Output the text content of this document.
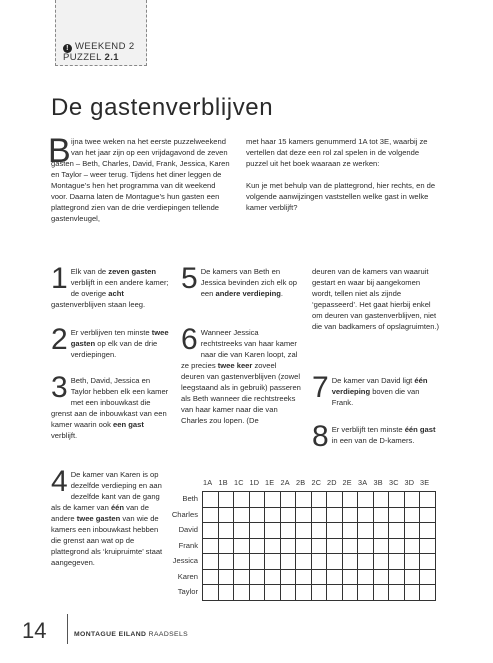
! WEEKEND 2
PUZZEL 2.1
De gastenverblijven
B ijna twee weken na het eerste puzzelweekend van het jaar zijn op een vrijdagavond de zeven gasten – Beth, Charles, David, Frank, Jessica, Karen en Taylor – weer terug. Tijdens het diner leggen de Montague’s hen het programma van dit weekend voor. Daarna laten de Montague’s hun gasten een plattegrond zien van de drie verdiepingen tellende gastenvleugel,

met haar 15 kamers genummerd 1A tot 3E, waarbij ze vertellen dat deze een rol zal spelen in de volgende puzzel uit het boek waaraan ze werken:

Kun je met behulp van de plattegrond, hier rechts, en de volgende aanwijzingen vaststellen welke gast in welke kamer verblijft?

1 Elk van de zeven gasten verblijft in een andere kamer; de overige acht gastenverblijven staan leeg.
2 Er verblijven ten minste twee gasten op elk van de drie verdiepingen.
3 Beth, David, Jessica en Taylor hebben elk een kamer met een inbouwkast die grenst aan de inbouwkast van een kamer waarin ook een gast verblijft.
4 De kamer van Karen is op dezelfde verdieping en aan dezelfde kant van de gang als de kamer van één van de andere twee gasten van wie de kamers een inbouwkast hebben die grenst aan wat op de plattegrond als ‘kruipruimte’ staat aangegeven.
5 De kamers van Beth en Jessica bevinden zich elk op een andere verdieping.
6 Wanneer Jessica rechtstreeks van haar kamer naar die van Karen loopt, zal ze precies twee keer zoveel deuren van gastenverblijven (zowel leegstaand als in gebruik) passeren als Beth wanneer die rechtstreeks van haar kamer naar die van Charles zou lopen. (De
deuren van de kamers van waaruit gestart en waar bij aangekomen wordt, tellen niet als zijnde ‘gepasseerd’. Het gaat hierbij enkel om deuren van gastenverblijven, niet die van badkamers of opslagruimten.)
7 De kamer van David ligt één verdieping boven die van Frank.
8 Er verblijft ten minste één gast in een van de D-kamers.
1A 1B 1C 1D 1E 2A 2B 2C 2D 2E 3A 3B 3C 3D 3E
Beth
Charles
David
Frank
Jessica
Karen
Taylor

14	MONTAGUE EILAND RAADSELS
